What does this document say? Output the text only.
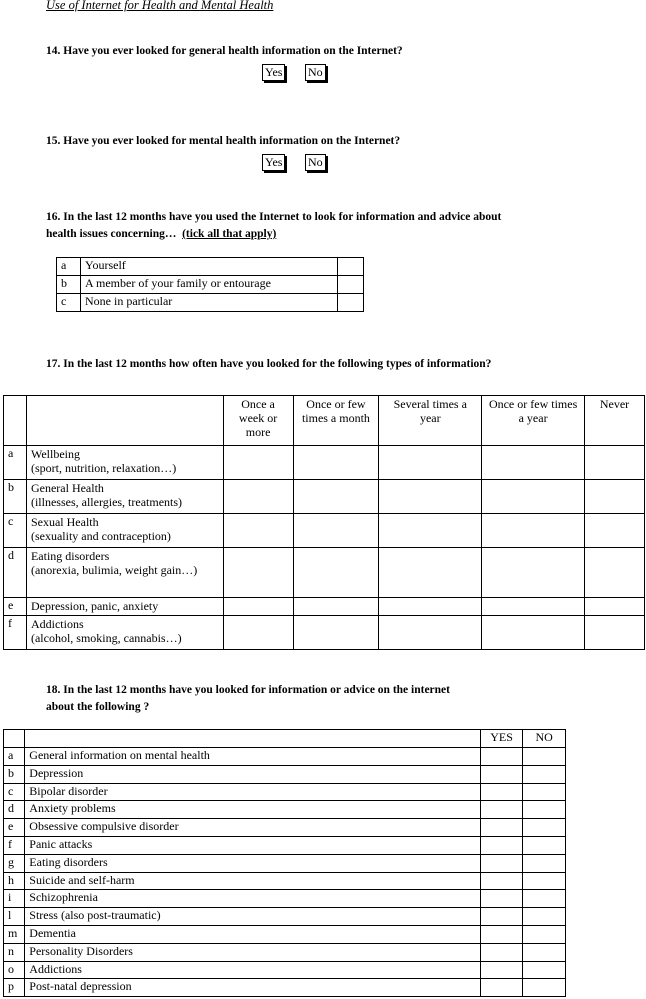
Use of Internet for Health and Mental Health
14. Have you ever looked for general health information on the Internet?
Yes No
15. Have you ever looked for mental health information on the Internet?
Yes No
16. In the last 12 months have you used the Internet to look for information and advice about
health issues concerning… (tick all that apply)
a	Yourself	
b	A member of your family or entourage	
c	None in particular	
17. In the last 12 months how often have you looked for the following types of information?
		Once a week or more	Once or few times a month	Several times a year	Once or few times a year	Never
a	Wellbeing
(sport, nutrition, relaxation…)					

b	General Health
(illnesses, allergies, treatments)					

c	Sexual Health
(sexuality and contraception)					

d	Eating disorders
(anorexia, bulimia, weight gain…)					

e	Depression, panic, anxiety					

f	Addictions
(alcohol, smoking, cannabis…)					

18. In the last 12 months have you looked for information or advice on the internet
about the following ?
		YES	NO
a	General information on mental health		
b	Depression		
c	Bipolar disorder		
d	Anxiety problems		
e	Obsessive compulsive disorder		
f	Panic attacks		
g	Eating disorders		
h	Suicide and self-harm		
i	Schizophrenia		
l	Stress (also post-traumatic)		
m	Dementia		
n	Personality Disorders		
o	Addictions		
p	Post-natal depression		
